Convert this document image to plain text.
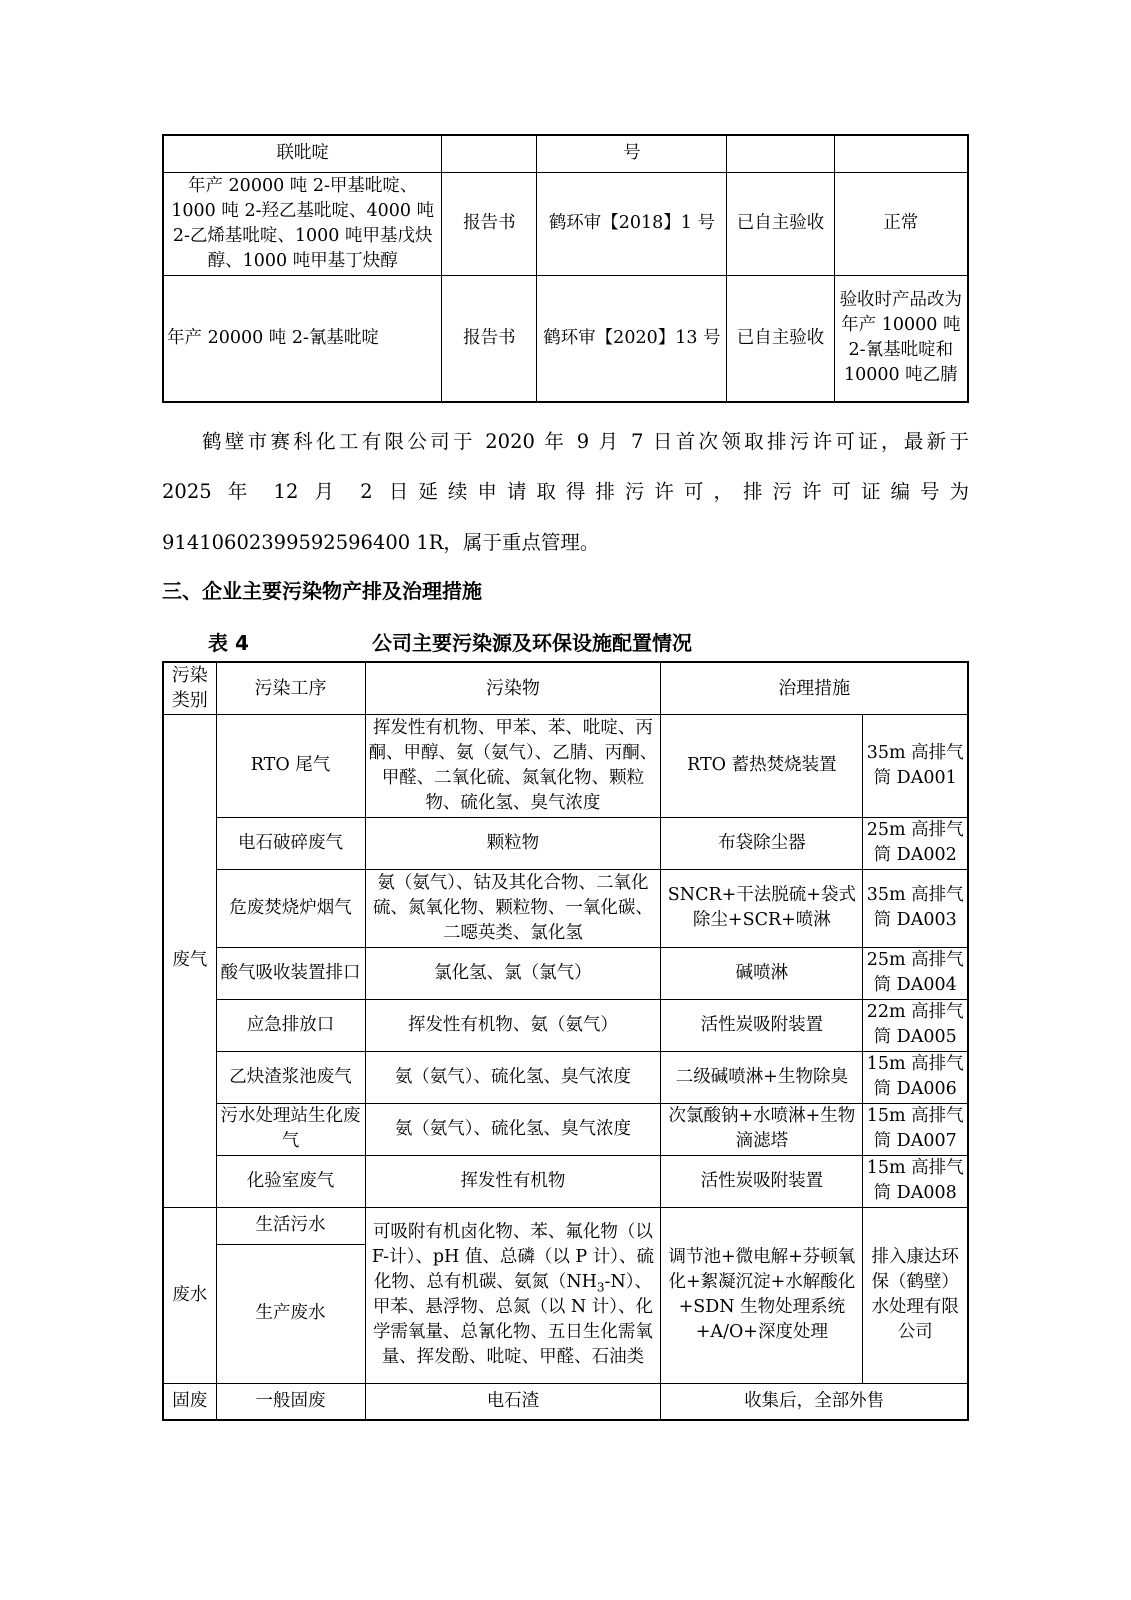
联吡啶		号		
年产 20000 吨 2-甲基吡啶、1000 吨 2-羟乙基吡啶、4000 吨 2-乙烯基吡啶、1000 吨甲基戊炔醇、1000 吨甲基丁炔醇	报告书	鹤环审【2018】1 号	已自主验收	正常
年产 20000 吨 2-氰基吡啶	报告书	鹤环审【2020】13 号	已自主验收	验收时产品改为年产 10000 吨 2-氰基吡啶和 10000 吨乙腈
鹤壁市赛科化工有限公司于 2020 年 9 月 7 日首次领取排污许可证，最新于
2025 年 12 月 2 日延续申请取得排污许可，排污许可证编号为
91410602399592596400 1R，属于重点管理。
三、企业主要污染物产排及治理措施
表 4	公司主要污染源及环保设施配置情况
污染类别	污染工序	污染物	治理措施	
废气	RTO 尾气	挥发性有机物、甲苯、苯、吡啶、丙酮、甲醇、氨（氨气）、乙腈、丙酮、甲醛、二氧化硫、氮氧化物、颗粒物、硫化氢、臭气浓度	RTO 蓄热焚烧装置	35m 高排气筒 DA001
	电石破碎废气	颗粒物	布袋除尘器	25m 高排气筒 DA002
	危废焚烧炉烟气	氨（氨气）、钴及其化合物、二氧化硫、氮氧化物、颗粒物、一氧化碳、二噁英类、氯化氢	SNCR+干法脱硫+袋式除尘+SCR+喷淋	35m 高排气筒 DA003
	酸气吸收装置排口	氯化氢、氯（氯气）	碱喷淋	25m 高排气筒 DA004
	应急排放口	挥发性有机物、氨（氨气）	活性炭吸附装置	22m 高排气筒 DA005
	乙炔渣浆池废气	氨（氨气）、硫化氢、臭气浓度	二级碱喷淋+生物除臭	15m 高排气筒 DA006
	污水处理站生化废气	氨（氨气）、硫化氢、臭气浓度	次氯酸钠+水喷淋+生物滴滤塔	15m 高排气筒 DA007
	化验室废气	挥发性有机物	活性炭吸附装置	15m 高排气筒 DA008
废水	生活污水	可吸附有机卤化物、苯、氟化物（以 F-计）、pH 值、总磷（以 P 计）、硫化物、总有机碳、氨氮$(NH_3-N)$、甲苯、悬浮物、总氮（以 N 计）、化学需氧量、总氰化物、五日生化需氧量、挥发酚、吡啶、甲醛、石油类	调节池+微电解+芬顿氧化+絮凝沉淀+水解酸化+SDN 生物处理系统+A/O+深度处理	排入康达环保（鹤壁）水处理有限公司
	生产废水			
固废	一般固废	电石渣	收集后，全部外售	
